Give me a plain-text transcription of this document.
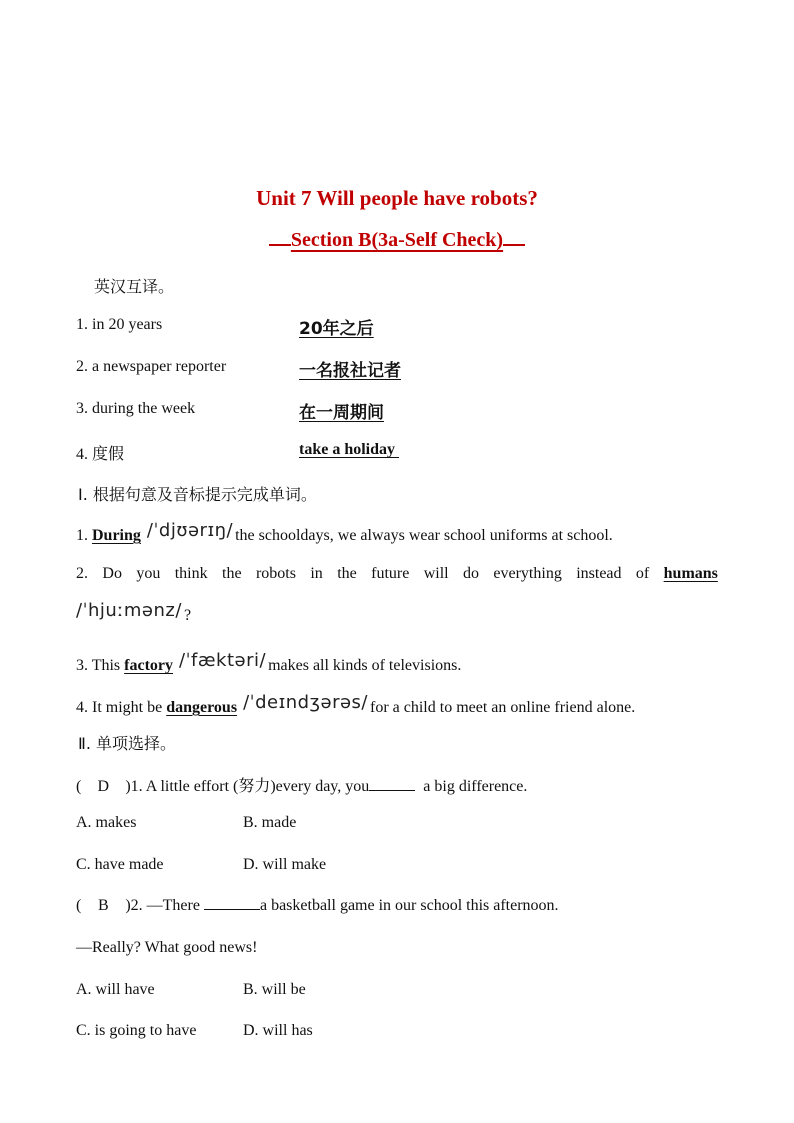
Unit 7 Will people have robots?
Section B(3a-Self Check)
英汉互译。
1. in 20 years	20年之后
2. a newspaper reporter	一名报社记者
3. during the week	在一周期间
4. 度假	take a holiday
Ⅰ. 根据句意及音标提示完成单词。
1. During /ˈdjʊərɪŋ/ the schooldays, we always wear school uniforms at school.
2. Do you think the robots in the future will do everything instead of humans
/ˈhjuːmənz/ ?
3. This factory /ˈfæktəri/ makes all kinds of televisions.
4. It might be dangerous /ˈdeɪndʒərəs/ for a child to meet an online friend alone.
Ⅱ. 单项选择。
( D )1. A little effort (努力)every day, you	a big difference.
A. makes	B. made
C. have made	D. will make
( B )2. —There	a basketball game in our school this afternoon.
—Really? What good news!
A. will have	B. will be
C. is going to have	D. will has
